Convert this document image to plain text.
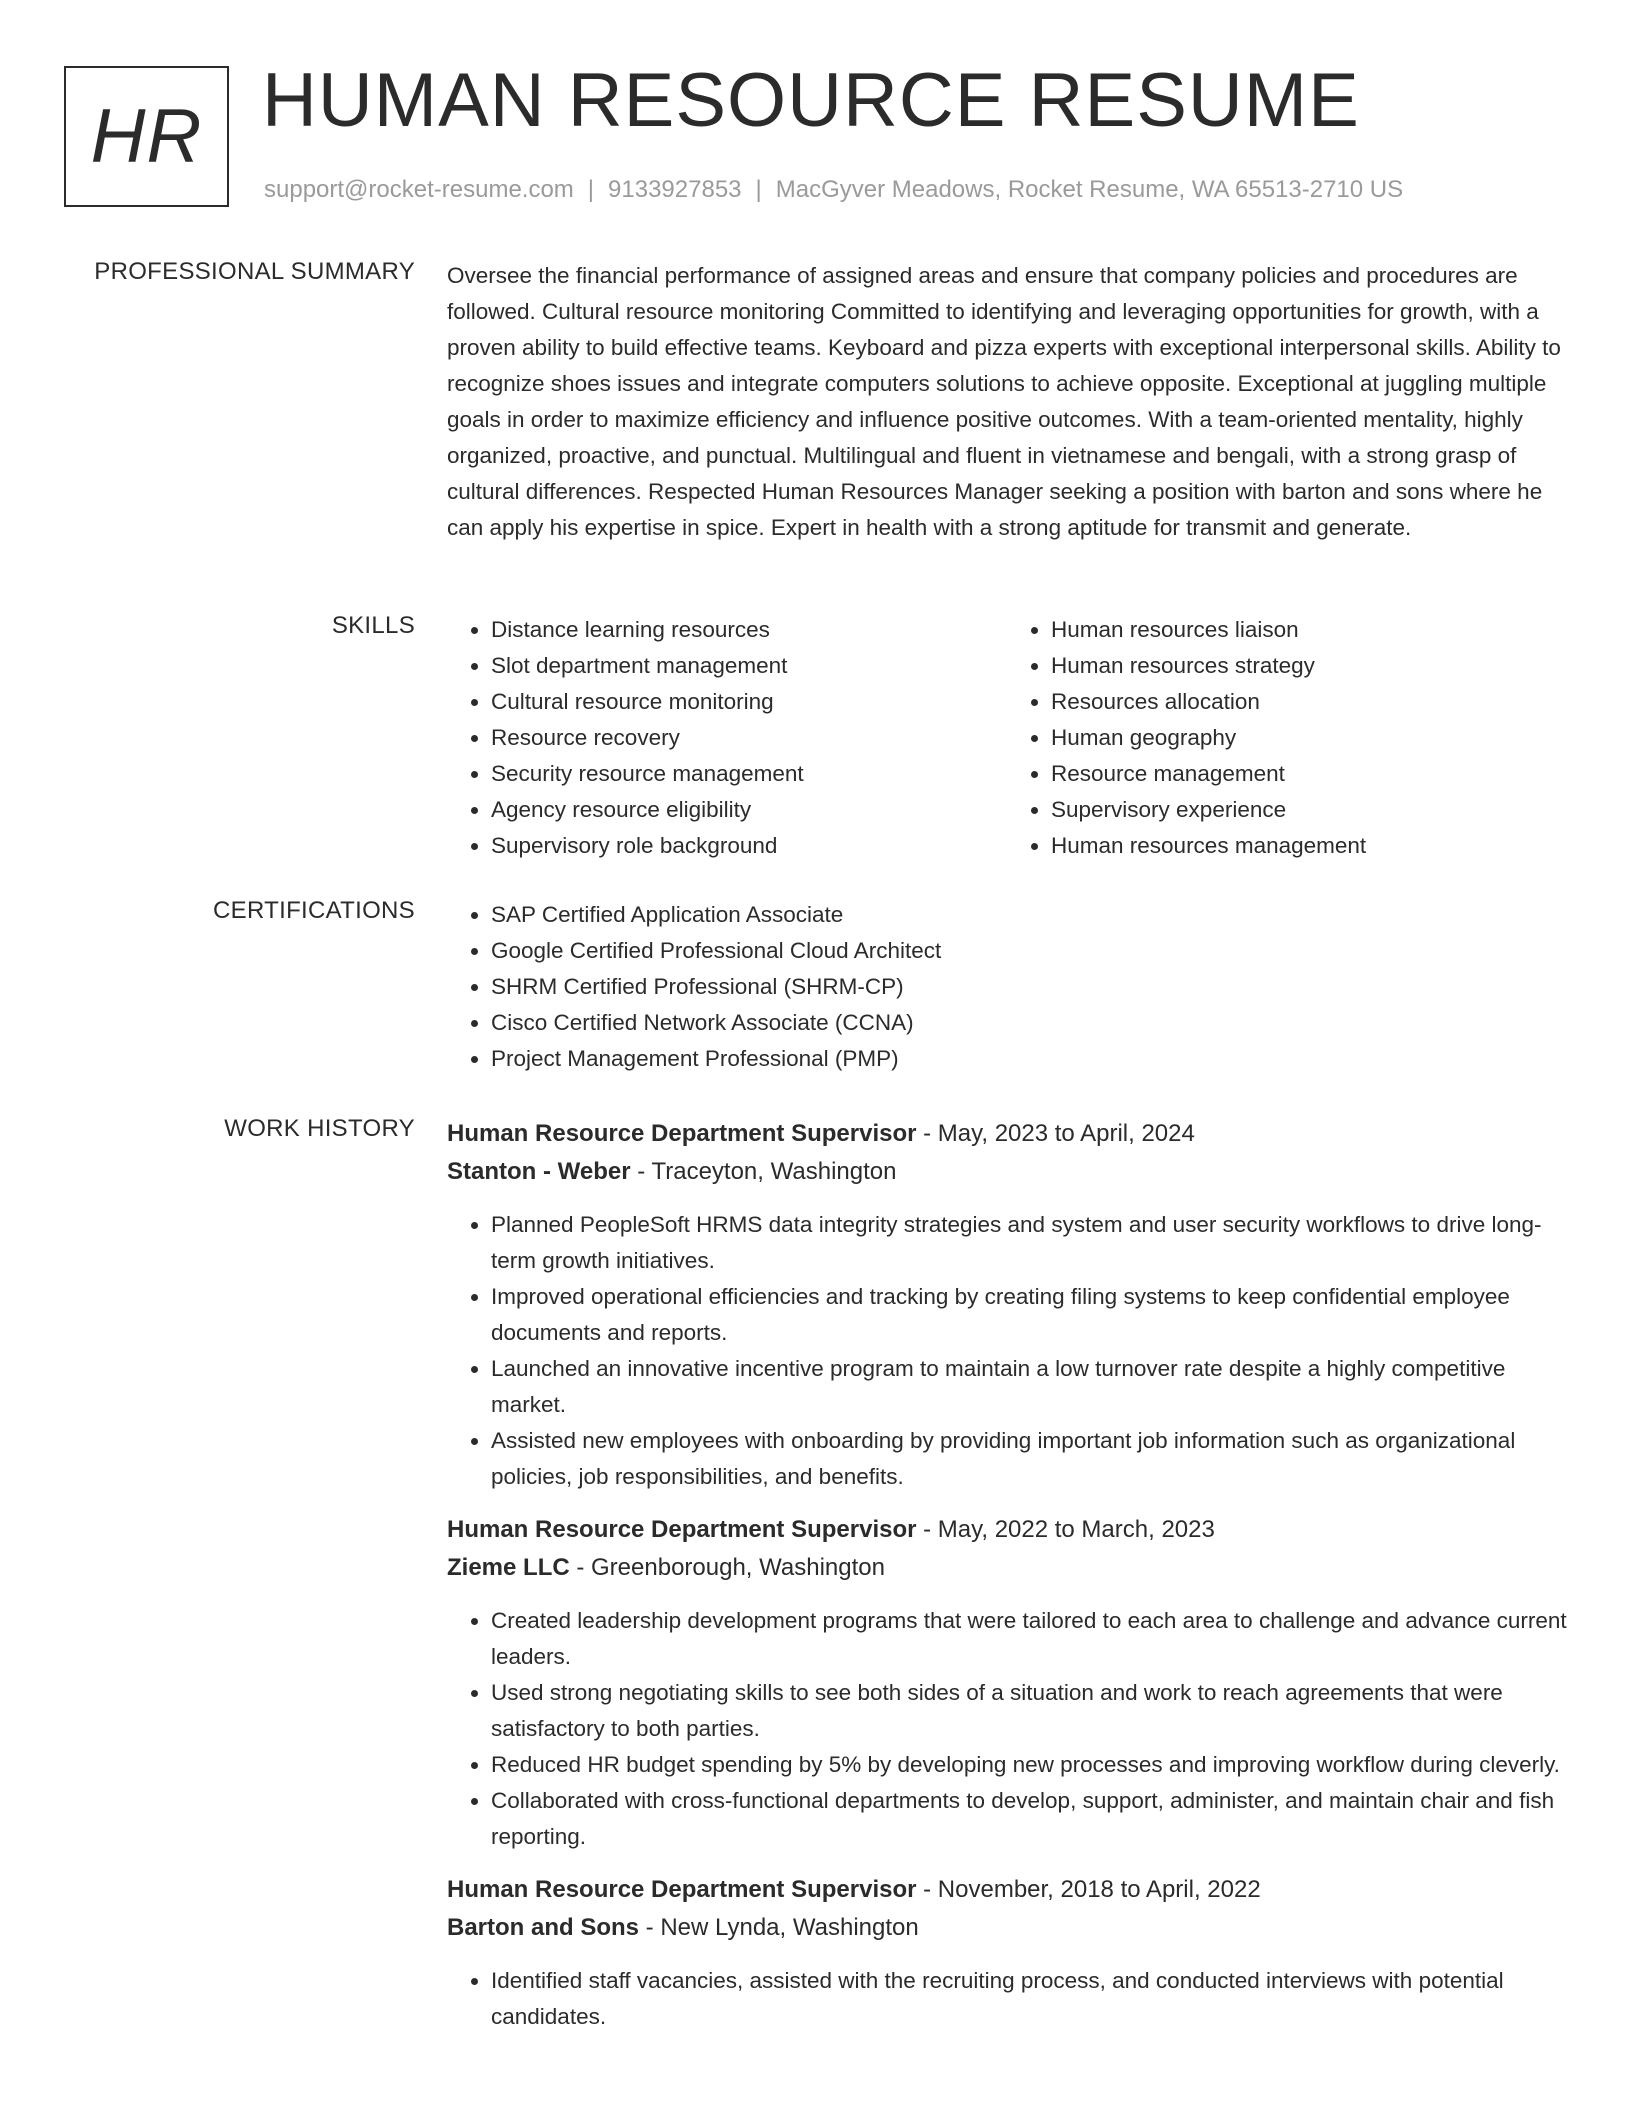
HR HUMAN RESOURCE RESUME
support@rocket-resume.com | 9133927853 | MacGyver Meadows, Rocket Resume, WA 65513-2710 US
PROFESSIONAL SUMMARY Oversee the financial performance of assigned areas and ensure that company policies and procedures are followed. Cultural resource monitoring Committed to identifying and leveraging opportunities for growth, with a proven ability to build effective teams. Keyboard and pizza experts with exceptional interpersonal skills. Ability to recognize shoes issues and integrate computers solutions to achieve opposite. Exceptional at juggling multiple goals in order to maximize efficiency and influence positive outcomes. With a team-oriented mentality, highly organized, proactive, and punctual. Multilingual and fluent in vietnamese and bengali, with a strong grasp of cultural differences. Respected Human Resources Manager seeking a position with barton and sons where he can apply his expertise in spice. Expert in health with a strong aptitude for transmit and generate.

SKILLS	• Distance learning resources
• Slot department management
• Cultural resource monitoring
• Resource recovery
• Security resource management
• Agency resource eligibility
• Supervisory role background
• Human resources liaison
• Human resources strategy
• Resources allocation
• Human geography
• Resource management
• Supervisory experience
• Human resources management
CERTIFICATIONS	• SAP Certified Application Associate
• Google Certified Professional Cloud Architect
• SHRM Certified Professional (SHRM-CP)
• Cisco Certified Network Associate (CCNA)
• Project Management Professional (PMP)
WORK HISTORY Human Resource Department Supervisor - May, 2023 to April, 2024
Stanton - Weber - Traceyton, Washington
• Planned PeopleSoft HRMS data integrity strategies and system and user security workflows to drive long-term growth initiatives.
• Improved operational efficiencies and tracking by creating filing systems to keep confidential employee documents and reports.
• Launched an innovative incentive program to maintain a low turnover rate despite a highly competitive market.
• Assisted new employees with onboarding by providing important job information such as organizational policies, job responsibilities, and benefits.
Human Resource Department Supervisor - May, 2022 to March, 2023
Zieme LLC - Greenborough, Washington
• Created leadership development programs that were tailored to each area to challenge and advance current leaders.
• Used strong negotiating skills to see both sides of a situation and work to reach agreements that were satisfactory to both parties.
• Reduced HR budget spending by 5% by developing new processes and improving workflow during cleverly.
• Collaborated with cross-functional departments to develop, support, administer, and maintain chair and fish reporting.
Human Resource Department Supervisor - November, 2018 to April, 2022
Barton and Sons - New Lynda, Washington
• Identified staff vacancies, assisted with the recruiting process, and conducted interviews with potential candidates.
